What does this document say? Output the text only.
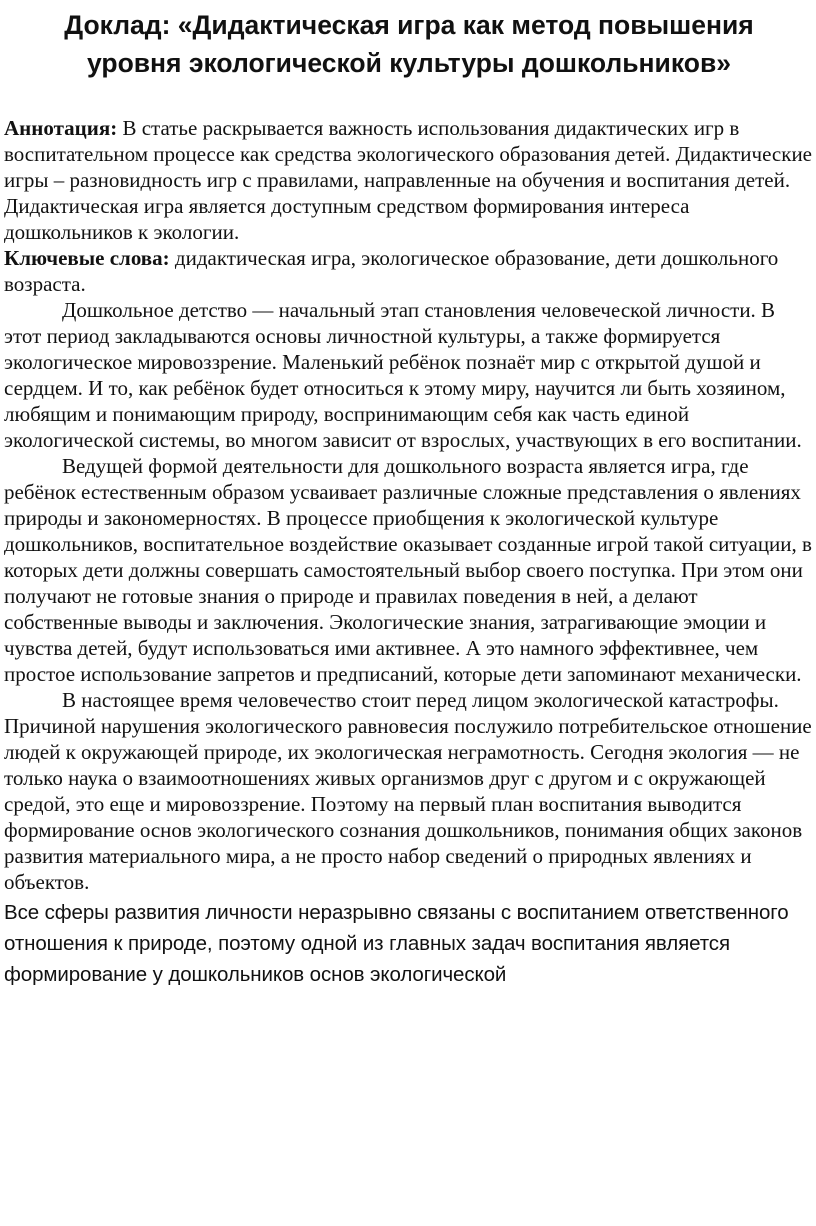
Доклад: «Дидактическая игра как метод повышения уровня экологической культуры дошкольников»

Аннотация: В статье раскрывается важность использования дидактических игр в воспитательном процессе как средства экологического образования детей. Дидактические игры – разновидность игр с правилами, направленные на обучения и воспитания детей. Дидактическая игра является доступным средством формирования интереса дошкольников к экологии.

Ключевые слова: дидактическая игра, экологическое образование, дети дошкольного возраста.

Дошкольное детство — начальный этап становления человеческой личности. В этот период закладываются основы личностной культуры, а также формируется экологическое мировоззрение. Маленький ребёнок познаёт мир с открытой душой и сердцем. И то, как ребёнок будет относиться к этому миру, научится ли быть хозяином, любящим и понимающим природу, воспринимающим себя как часть единой экологической системы, во многом зависит от взрослых, участвующих в его воспитании.

Ведущей формой деятельности для дошкольного возраста является игра, где ребёнок естественным образом усваивает различные сложные представления о явлениях природы и закономерностях. В процессе приобщения к экологической культуре дошкольников, воспитательное воздействие оказывает созданные игрой такой ситуации, в которых дети должны совершать самостоятельный выбор своего поступка. При этом они получают не готовые знания о природе и правилах поведения в ней, а делают собственные выводы и заключения. Экологические знания, затрагивающие эмоции и чувства детей, будут использоваться ими активнее. А это намного эффективнее, чем простое использование запретов и предписаний, которые дети запоминают механически.

В настоящее время человечество стоит перед лицом экологической катастрофы. Причиной нарушения экологического равновесия послужило потребительское отношение людей к окружающей природе, их экологическая неграмотность. Сегодня экология — не только наука о взаимоотношениях живых организмов друг с другом и с окружающей средой, это еще и мировоззрение. Поэтому на первый план воспитания выводится формирование основ экологического сознания дошкольников, понимания общих законов развития материального мира, а не просто набор сведений о природных явлениях и объектов.

Все сферы развития личности неразрывно связаны с воспитанием ответственного отношения к природе, поэтому одной из главных задач воспитания является формирование у дошкольников основ экологической
